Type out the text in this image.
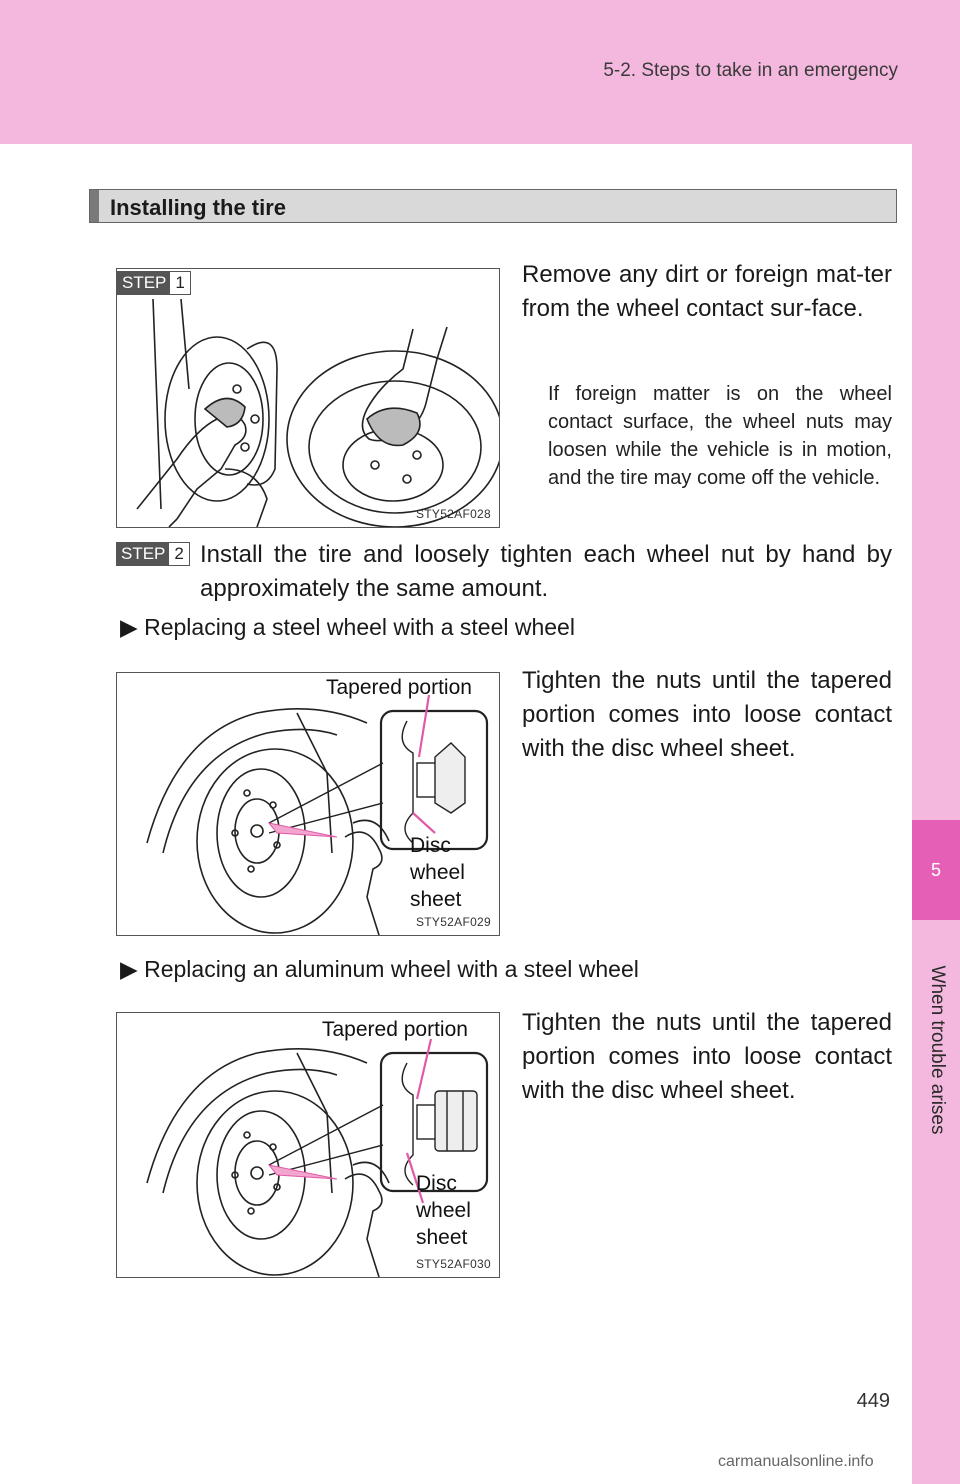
5-2. Steps to take in an emergency
5
When trouble arises
Installing the tire
STEP 1
STY52AF028
Remove any dirt or foreign mat-ter from the wheel contact sur-face.
If foreign matter is on the wheel contact surface, the wheel nuts may loosen while the vehicle is in motion, and the tire may come off the vehicle.
STEP 2 Install the tire and loosely tighten each wheel nut by hand by approximately the same amount.
▶ Replacing a steel wheel with a steel wheel
STY52AF029
Tapered portion
Disc
wheel
sheet
Tighten the nuts until the tapered portion comes into loose contact with the disc wheel sheet.
▶ Replacing an aluminum wheel with a steel wheel
STY52AF030
Tapered portion
Disc
wheel
sheet
Tighten the nuts until the tapered portion comes into loose contact with the disc wheel sheet.
449
carmanualsonline.info
